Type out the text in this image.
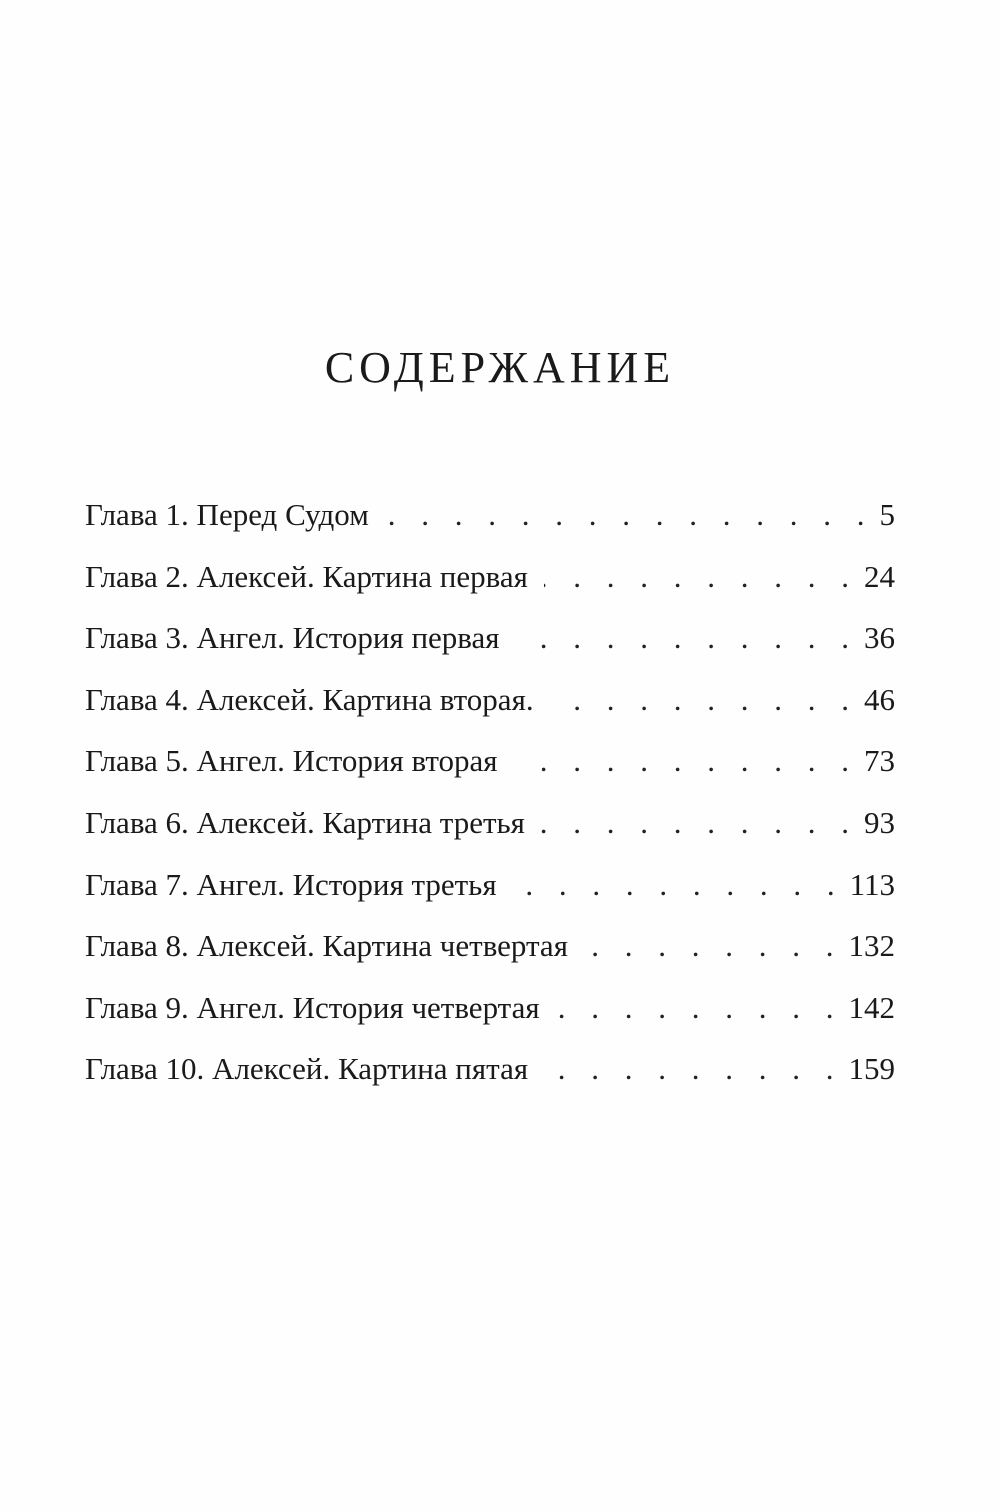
СОДЕРЖАНИЕ
Глава 1. Перед Судом . . .	5
Глава 2. Алексей. Картина первая . . .	24
Глава 3. Ангел. История первая . . .	36
Глава 4. Алексей. Картина вторая. . . .	46
Глава 5. Ангел. История вторая . . .	73
Глава 6. Алексей. Картина третья . . .	93
Глава 7. Ангел. История третья . . .	113
Глава 8. Алексей. Картина четвертая . . .	132
Глава 9. Ангел. История четвертая . . .	142
Глава 10. Алексей. Картина пятая . . .	159
